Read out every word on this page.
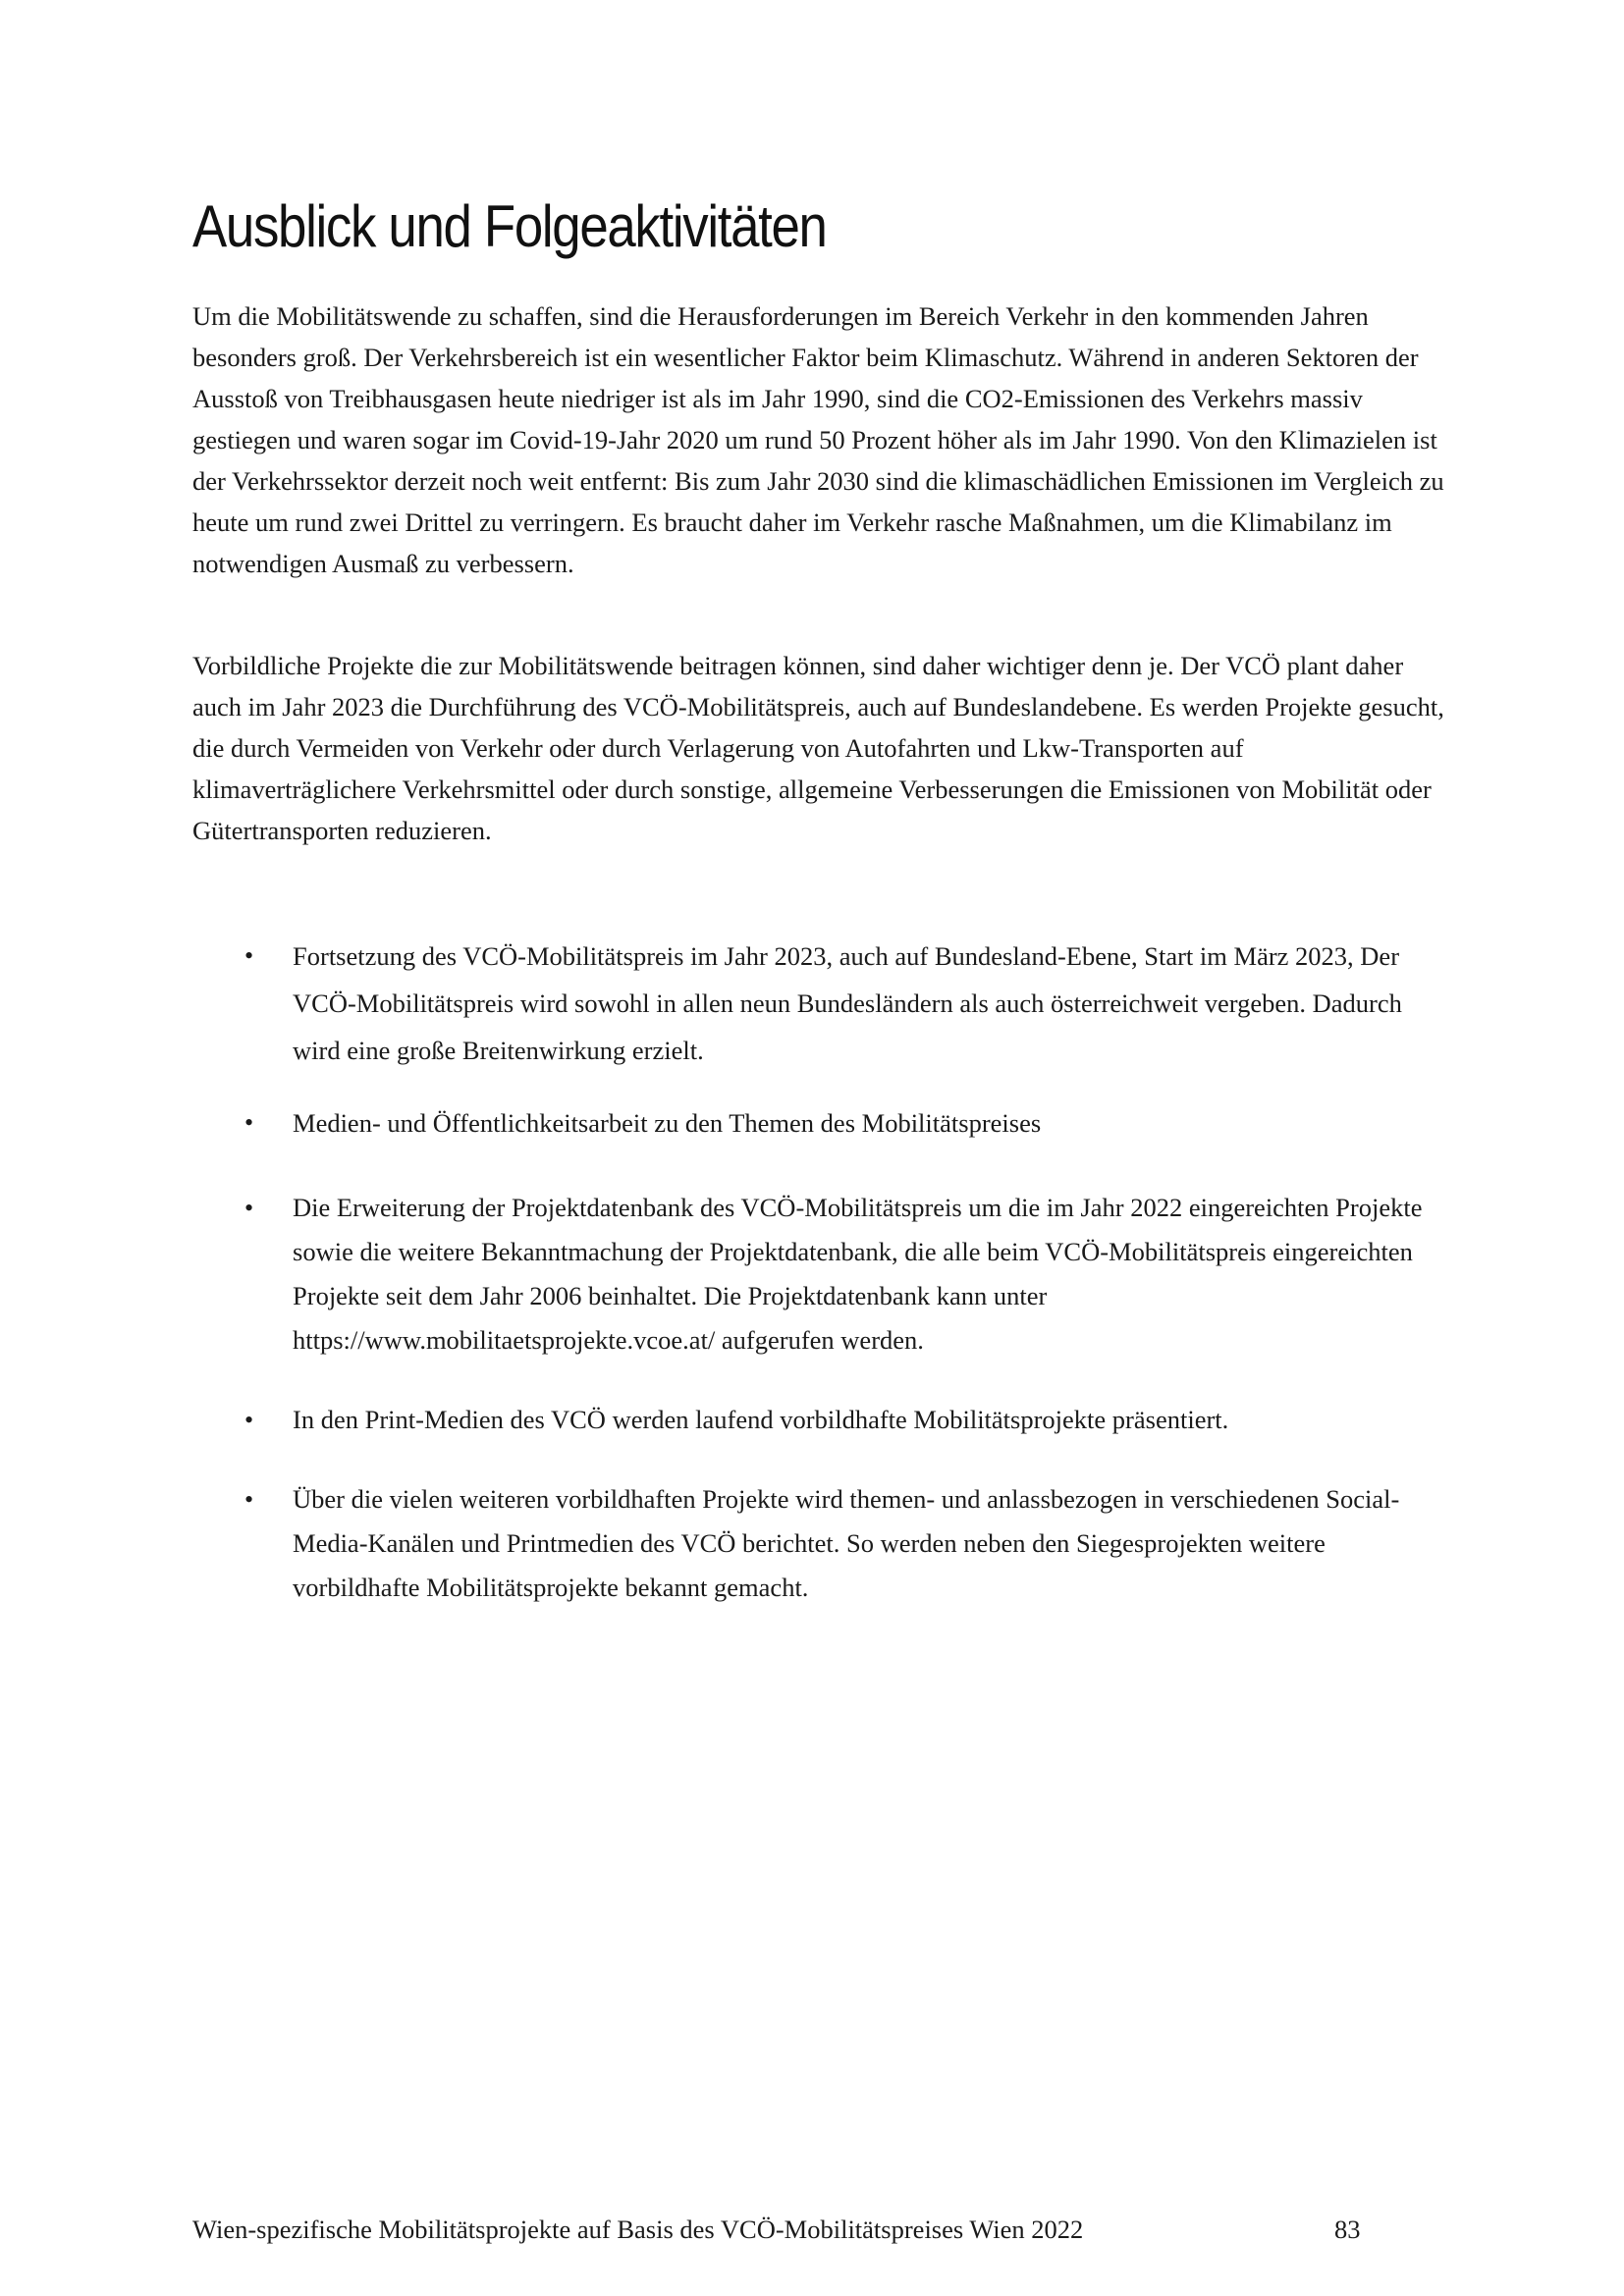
Ausblick und Folgeaktivitäten

Um die Mobilitätswende zu schaffen, sind die Herausforderungen im Bereich Verkehr in den kommenden Jahren besonders groß. Der Verkehrsbereich ist ein wesentlicher Faktor beim Klimaschutz. Während in anderen Sektoren der Ausstoß von Treibhausgasen heute niedriger ist als im Jahr 1990, sind die CO2-Emissionen des Verkehrs massiv gestiegen und waren sogar im Covid-19-Jahr 2020 um rund 50 Prozent höher als im Jahr 1990. Von den Klimazielen ist der Verkehrssektor derzeit noch weit entfernt: Bis zum Jahr 2030 sind die klimaschädlichen Emissionen im Vergleich zu heute um rund zwei Drittel zu verringern. Es braucht daher im Verkehr rasche Maßnahmen, um die Klimabilanz im notwendigen Ausmaß zu verbessern.

Vorbildliche Projekte die zur Mobilitätswende beitragen können, sind daher wichtiger denn je. Der VCÖ plant daher auch im Jahr 2023 die Durchführung des VCÖ-Mobilitätspreis, auch auf Bundeslandebene. Es werden Projekte gesucht, die durch Vermeiden von Verkehr oder durch Verlagerung von Autofahrten und Lkw-Transporten auf klimaverträglichere Verkehrsmittel oder durch sonstige, allgemeine Verbesserungen die Emissionen von Mobilität oder Gütertransporten reduzieren.

• Fortsetzung des VCÖ-Mobilitätspreis im Jahr 2023, auch auf Bundesland-Ebene, Start im März 2023, Der VCÖ-Mobilitätspreis wird sowohl in allen neun Bundesländern als auch österreichweit vergeben. Dadurch wird eine große Breitenwirkung erzielt.
• Medien- und Öffentlichkeitsarbeit zu den Themen des Mobilitätspreises
• Die Erweiterung der Projektdatenbank des VCÖ-Mobilitätspreis um die im Jahr 2022 eingereichten Projekte sowie die weitere Bekanntmachung der Projektdatenbank, die alle beim VCÖ-Mobilitätspreis eingereichten Projekte seit dem Jahr 2006 beinhaltet. Die Projektdatenbank kann unter https://www.mobilitaetsprojekte.vcoe.at/ aufgerufen werden.
• In den Print-Medien des VCÖ werden laufend vorbildhafte Mobilitätsprojekte präsentiert.
• Über die vielen weiteren vorbildhaften Projekte wird themen- und anlassbezogen in verschiedenen Social-Media-Kanälen und Printmedien des VCÖ berichtet. So werden neben den Siegesprojekten weitere vorbildhafte Mobilitätsprojekte bekannt gemacht.
Wien-spezifische Mobilitätsprojekte auf Basis des VCÖ-Mobilitätspreises Wien 2022	83
